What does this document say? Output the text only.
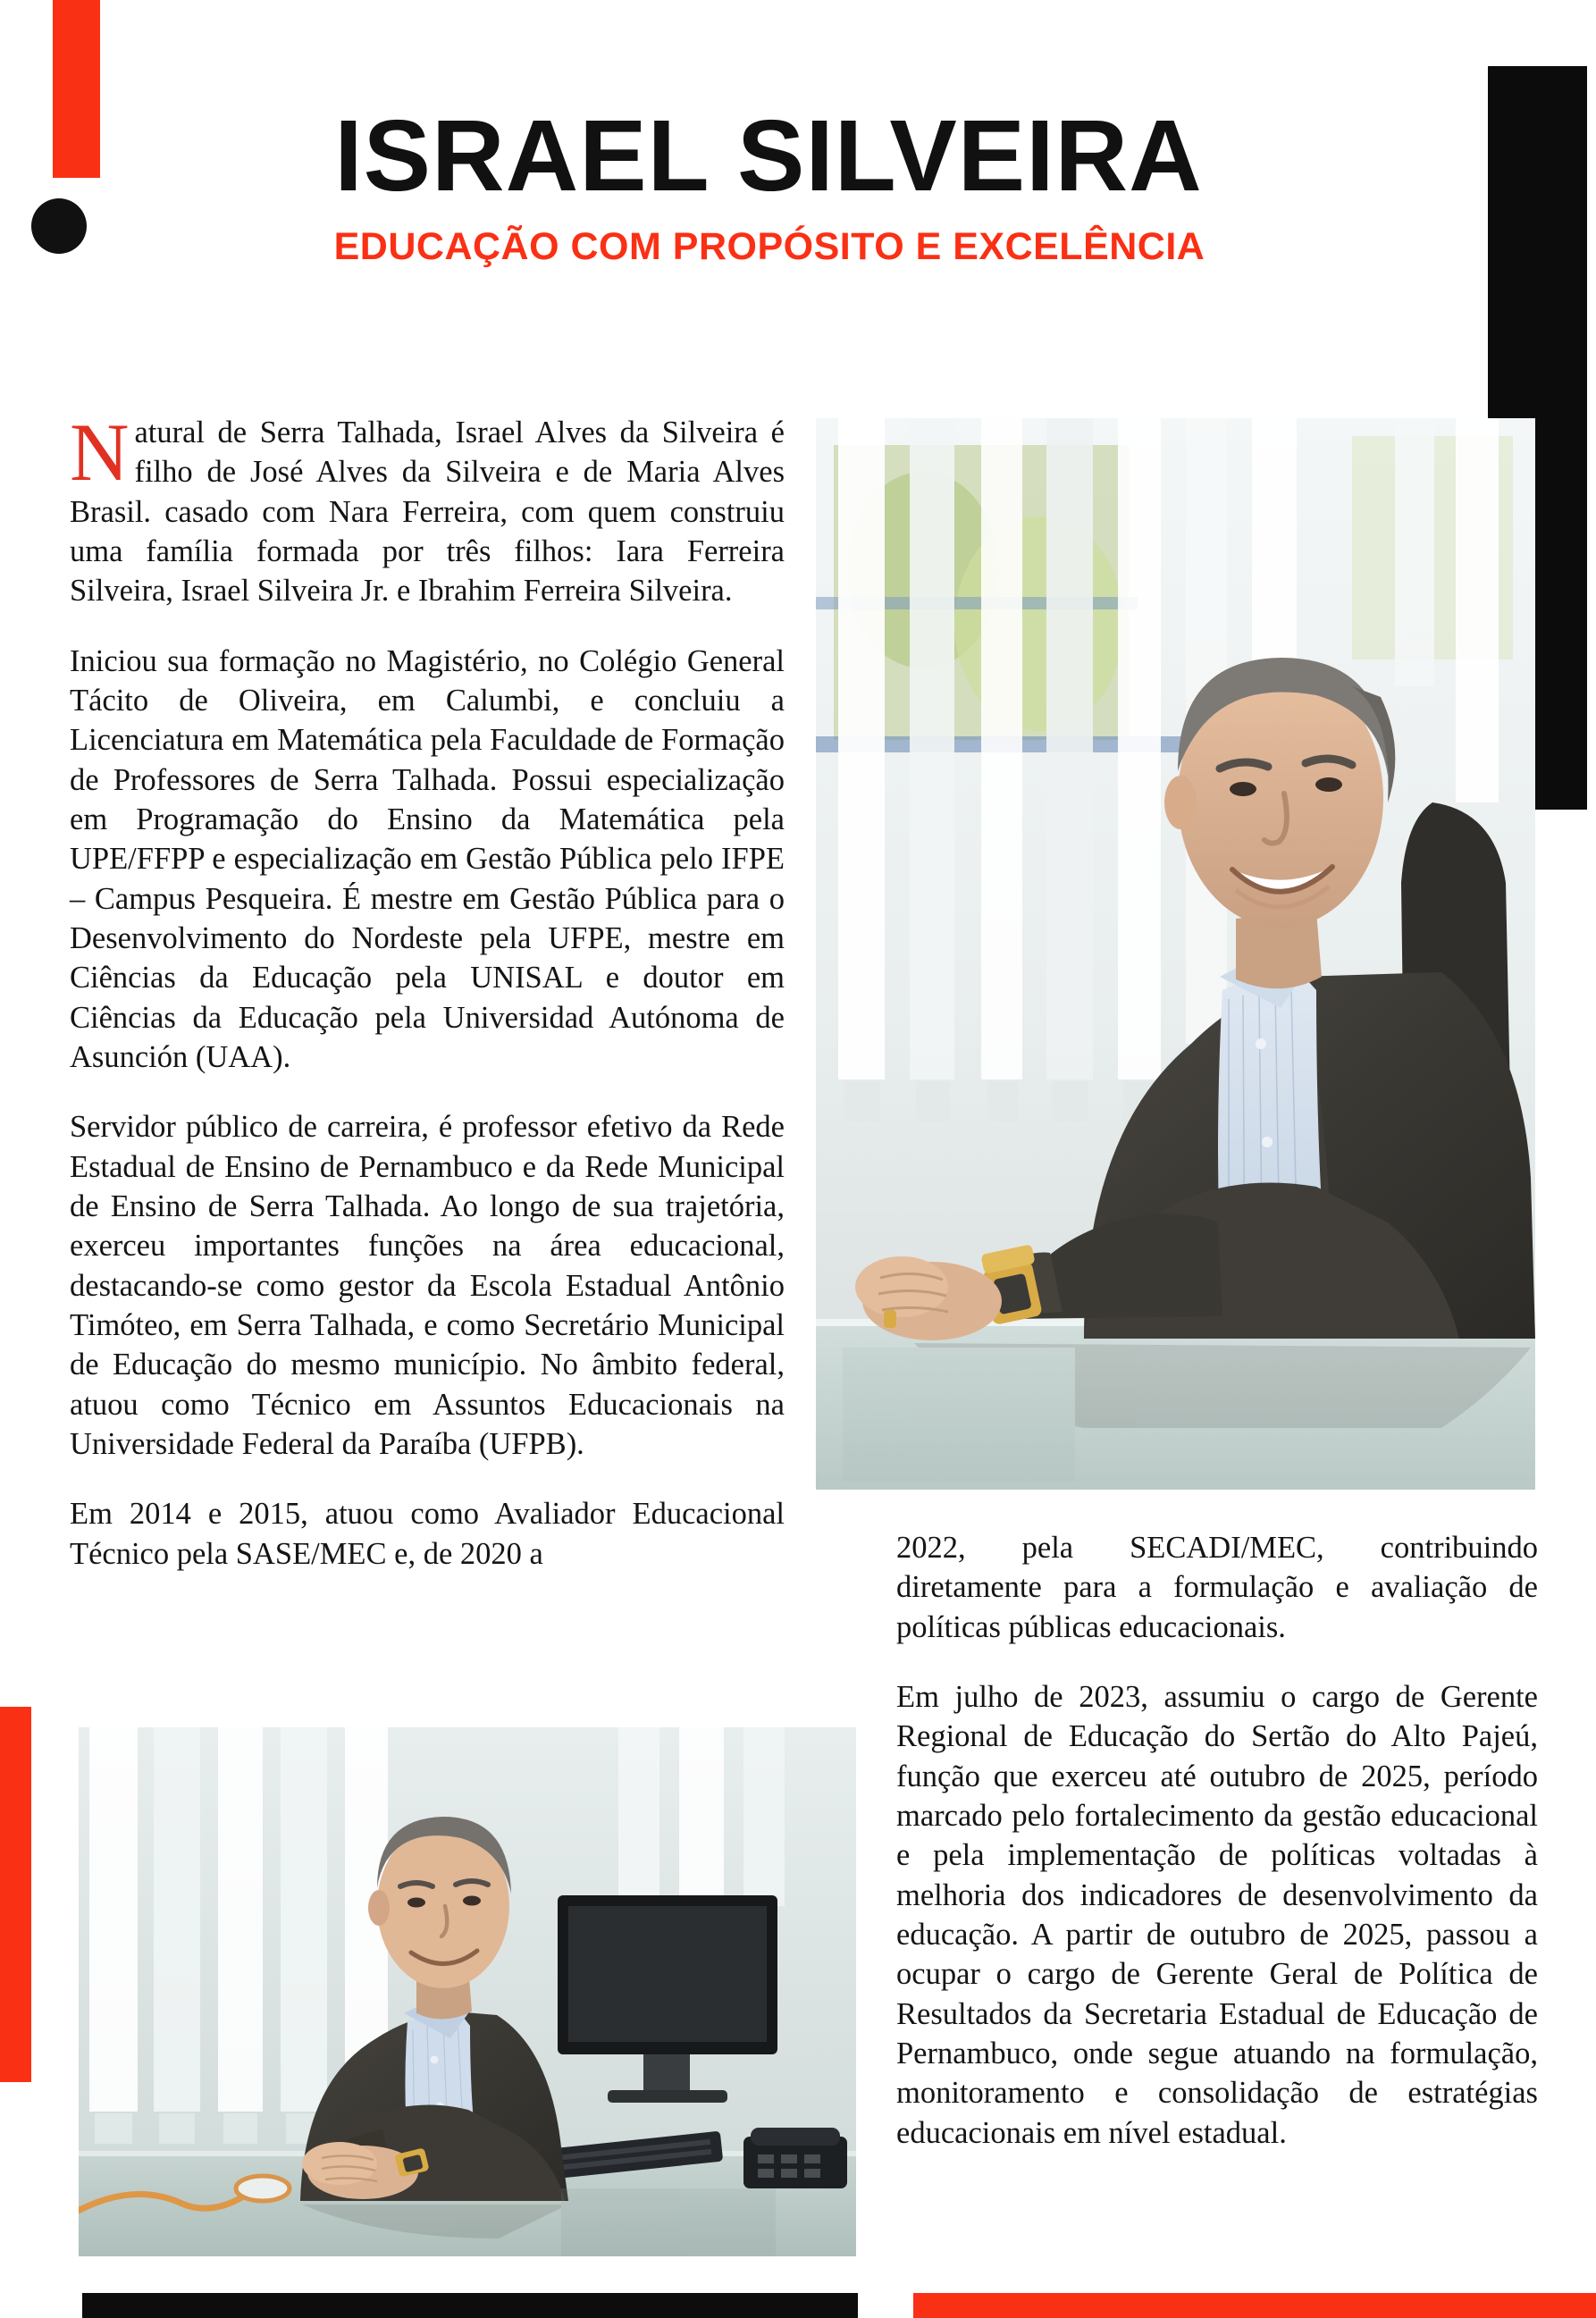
ISRAEL SILVEIRA
EDUCAÇÃO COM PROPÓSITO E EXCELÊNCIA

Natural de Serra Talhada, Israel Alves da Silveira é filho de José Alves da Silveira e de Maria Alves Brasil. casado com Nara Ferreira, com quem construiu uma família formada por três filhos: Iara Ferreira Silveira, Israel Silveira Jr. e Ibrahim Ferreira Silveira.

Iniciou sua formação no Magistério, no Colégio General Tácito de Oliveira, em Calumbi, e concluiu a Licenciatura em Matemática pela Faculdade de Formação de Professores de Serra Talhada. Possui especialização em Programação do Ensino da Matemática pela UPE/FFPP e especialização em Gestão Pública pelo IFPE – Campus Pesqueira. É mestre em Gestão Pública para o Desenvolvimento do Nordeste pela UFPE, mestre em Ciências da Educação pela UNISAL e doutor em Ciências da Educação pela Universidad Autónoma de Asunción (UAA).

Servidor público de carreira, é professor efetivo da Rede Estadual de Ensino de Pernambuco e da Rede Municipal de Ensino de Serra Talhada. Ao longo de sua trajetória, exerceu importantes funções na área educacional, destacando-se como gestor da Escola Estadual Antônio Timóteo, em Serra Talhada, e como Secretário Municipal de Educação do mesmo município. No âmbito federal, atuou como Técnico em Assuntos Educacionais na Universidade Federal da Paraíba (UFPB).

Em 2014 e 2015, atuou como Avaliador Educacional Técnico pela SASE/MEC e, de 2020 a	2022, pela SECADI/MEC, contribuindo diretamente para a formulação e avaliação de políticas públicas educacionais.

Em julho de 2023, assumiu o cargo de Gerente Regional de Educação do Sertão do Alto Pajeú, função que exerceu até outubro de 2025, período marcado pelo fortalecimento da gestão educacional e pela implementação de políticas voltadas à melhoria dos indicadores de desenvolvimento da educação. A partir de outubro de 2025, passou a ocupar o cargo de Gerente Geral de Política de Resultados da Secretaria Estadual de Educação de Pernambuco, onde segue atuando na formulação, monitoramento e consolidação de estratégias educacionais em nível estadual.
